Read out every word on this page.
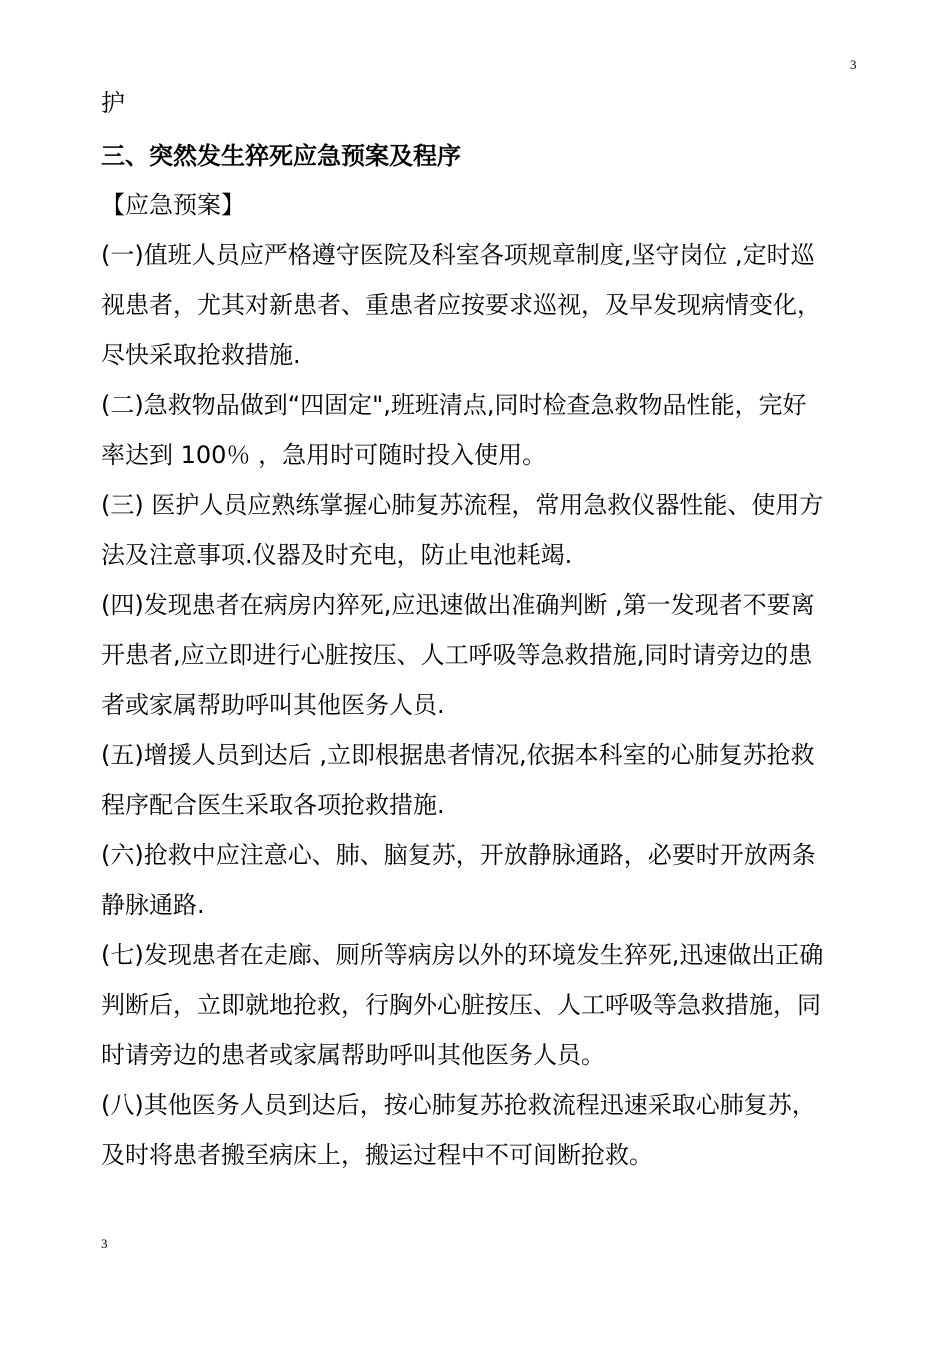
3

护

三、突然发生猝死应急预案及程序

【应急预案】

(一)值班人员应严格遵守医院及科室各项规章制度,坚守岗位 ,定时巡

视患者，尤其对新患者、重患者应按要求巡视，及早发现病情变化，

尽快采取抢救措施.

(二)急救物品做到“四固定",班班清点,同时检查急救物品性能，完好

率达到 100％ ，急用时可随时投入使用。

(三) 医护人员应熟练掌握心肺复苏流程，常用急救仪器性能、使用方

法及注意事项.仪器及时充电，防止电池耗竭.

(四)发现患者在病房内猝死,应迅速做出准确判断 ,第一发现者不要离

开患者,应立即进行心脏按压、人工呼吸等急救措施,同时请旁边的患

者或家属帮助呼叫其他医务人员.

(五)增援人员到达后 ,立即根据患者情况,依据本科室的心肺复苏抢救

程序配合医生采取各项抢救措施.

(六)抢救中应注意心、肺、脑复苏，开放静脉通路，必要时开放两条

静脉通路.

(七)发现患者在走廊、厕所等病房以外的环境发生猝死,迅速做出正确

判断后，立即就地抢救，行胸外心脏按压、人工呼吸等急救措施，同

时请旁边的患者或家属帮助呼叫其他医务人员。

(八)其他医务人员到达后，按心肺复苏抢救流程迅速采取心肺复苏，

及时将患者搬至病床上，搬运过程中不可间断抢救。

3
